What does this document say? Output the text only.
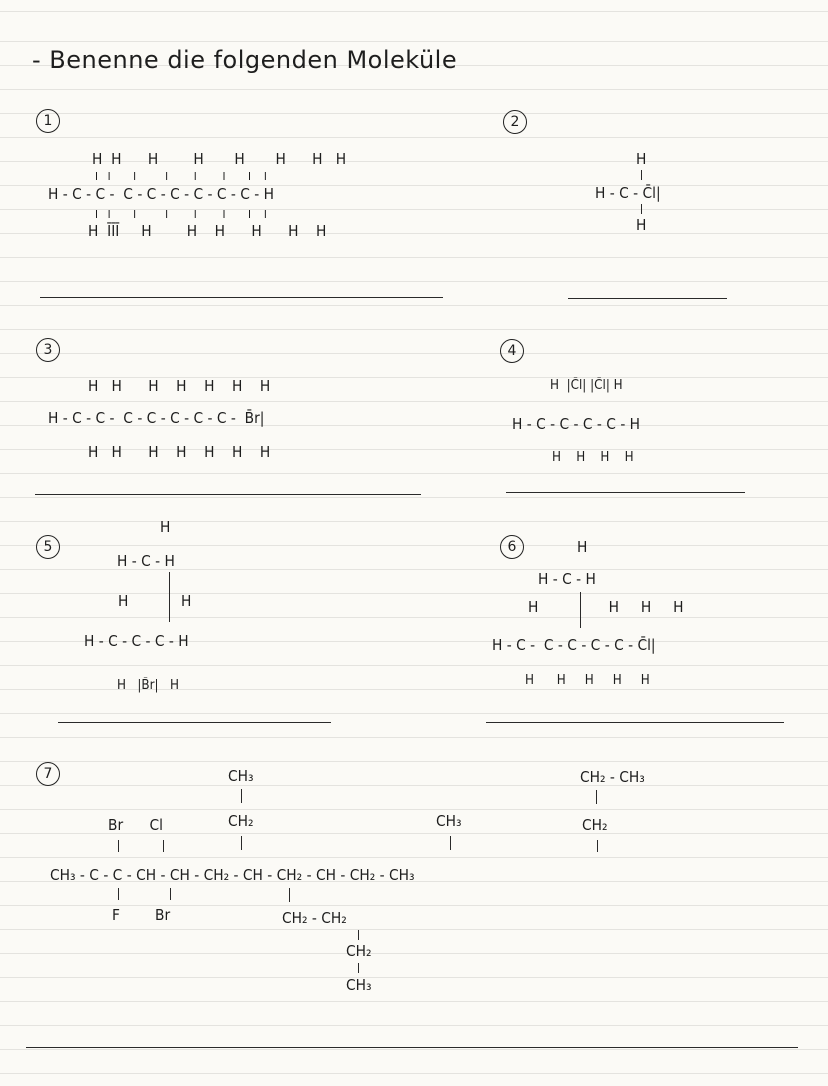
- Benenne die folgenden Moleküle
1
H  H      H        H       H       H      H   H
I   I       I         I        I        I       I    I
H - C - C -  C - C - C - C - C - C - H
I   I       I         I        I        I       I    I
H  ĪĪĪ     H        H    H      H      H    H
2
H
H - C - C̄l|
H
3
H   H      H    H    H    H    H
H - C - C -  C - C - C - C - C -  B̄r|
H   H      H    H    H    H    H
4
H  |C̄l| |C̄l| H
H - C - C - C - C - H
H    H    H    H
5
H
H - C - H
H            H
H - C - C - C - H
H   |B̄r|   H
6	H
H - C - H
H                H     H     H
H - C -  C - C - C - C - C̄l|
H      H     H     H     H
7	CH₃
CH₂
CH₂ - CH₃
CH₂
CH₃
Br      Cl
CH₃ - C - C - CH - CH - CH₂ - CH - CH₂ - CH - CH₂ - CH₃
F        Br	CH₂ - CH₂
CH₂
CH₃
